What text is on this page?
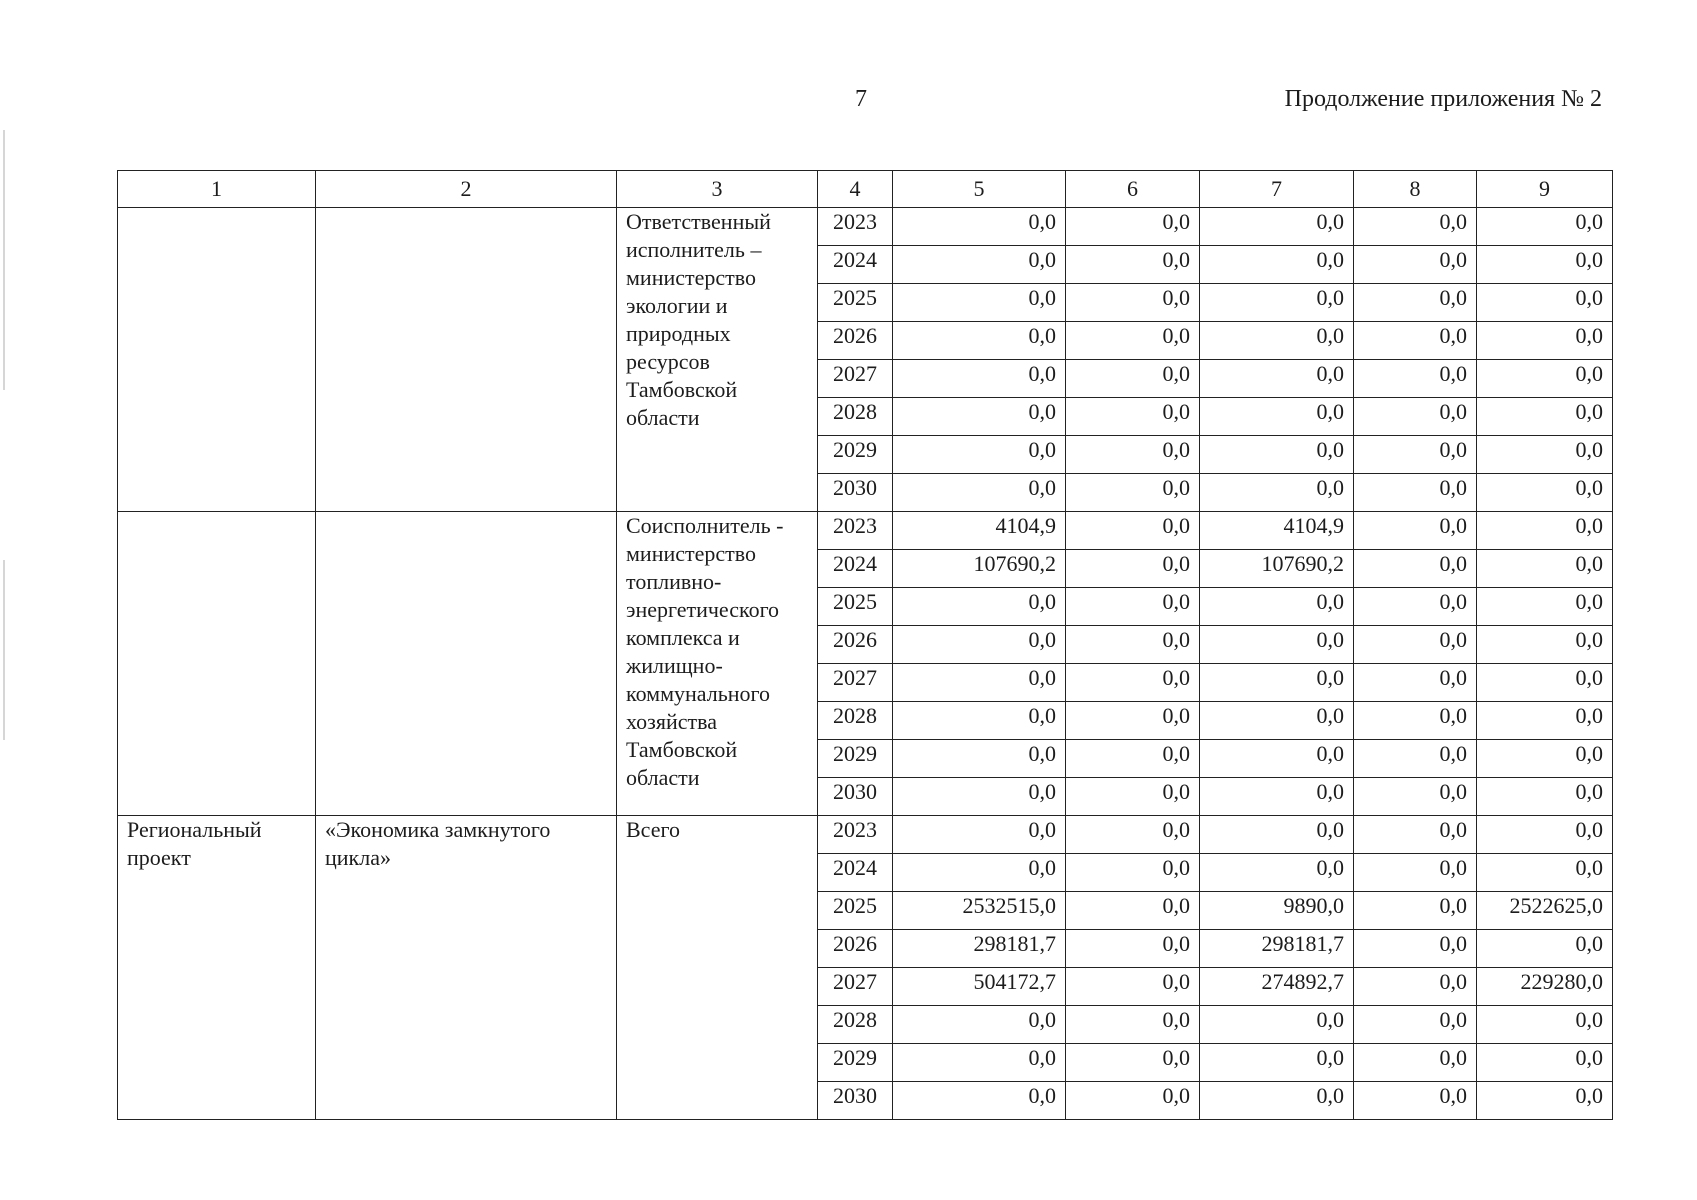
7	Продолжение приложения № 2
1	2	3	4	5	6	7	8	9
		Ответственный исполнитель – министерство экологии и природных ресурсов Тамбовской области	2023	0,0	0,0	0,0	0,0	0,0
			2024	0,0	0,0	0,0	0,0	0,0
			2025	0,0	0,0	0,0	0,0	0,0
			2026	0,0	0,0	0,0	0,0	0,0
			2027	0,0	0,0	0,0	0,0	0,0
			2028	0,0	0,0	0,0	0,0	0,0
			2029	0,0	0,0	0,0	0,0	0,0
			2030	0,0	0,0	0,0	0,0	0,0
		Соисполнитель - министерство топливно-энергетического комплекса и жилищно-коммунального хозяйства Тамбовской области	2023	4104,9	0,0	4104,9	0,0	0,0
			2024	107690,2	0,0	107690,2	0,0	0,0
			2025	0,0	0,0	0,0	0,0	0,0
			2026	0,0	0,0	0,0	0,0	0,0
			2027	0,0	0,0	0,0	0,0	0,0
			2028	0,0	0,0	0,0	0,0	0,0
			2029	0,0	0,0	0,0	0,0	0,0
			2030	0,0	0,0	0,0	0,0	0,0
Региональный проект	«Экономика замкнутого цикла»	Всего	2023	0,0	0,0	0,0	0,0	0,0
			2024	0,0	0,0	0,0	0,0	0,0
			2025	2532515,0	0,0	9890,0	0,0	2522625,0
			2026	298181,7	0,0	298181,7	0,0	0,0
			2027	504172,7	0,0	274892,7	0,0	229280,0
			2028	0,0	0,0	0,0	0,0	0,0
			2029	0,0	0,0	0,0	0,0	0,0
			2030	0,0	0,0	0,0	0,0	0,0
